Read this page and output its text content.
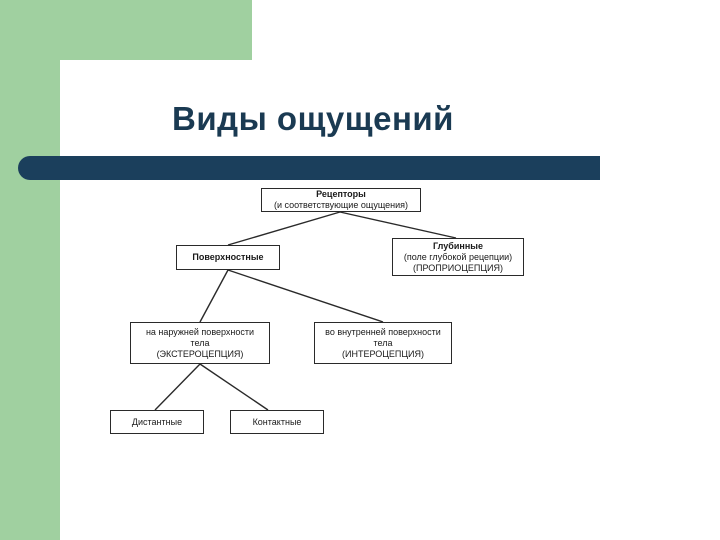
Виды ощущений
Рецепторы
(и соответствующие ощущения)
Поверхностные
Глубинные
(поле глубокой рецепции)
(ПРОПРИОЦЕПЦИЯ)
на наружней поверхности
тела
(ЭКСТЕРОЦЕПЦИЯ)
во внутренней поверхности
тела
(ИНТЕРОЦЕПЦИЯ)
Дистантные	Контактные
